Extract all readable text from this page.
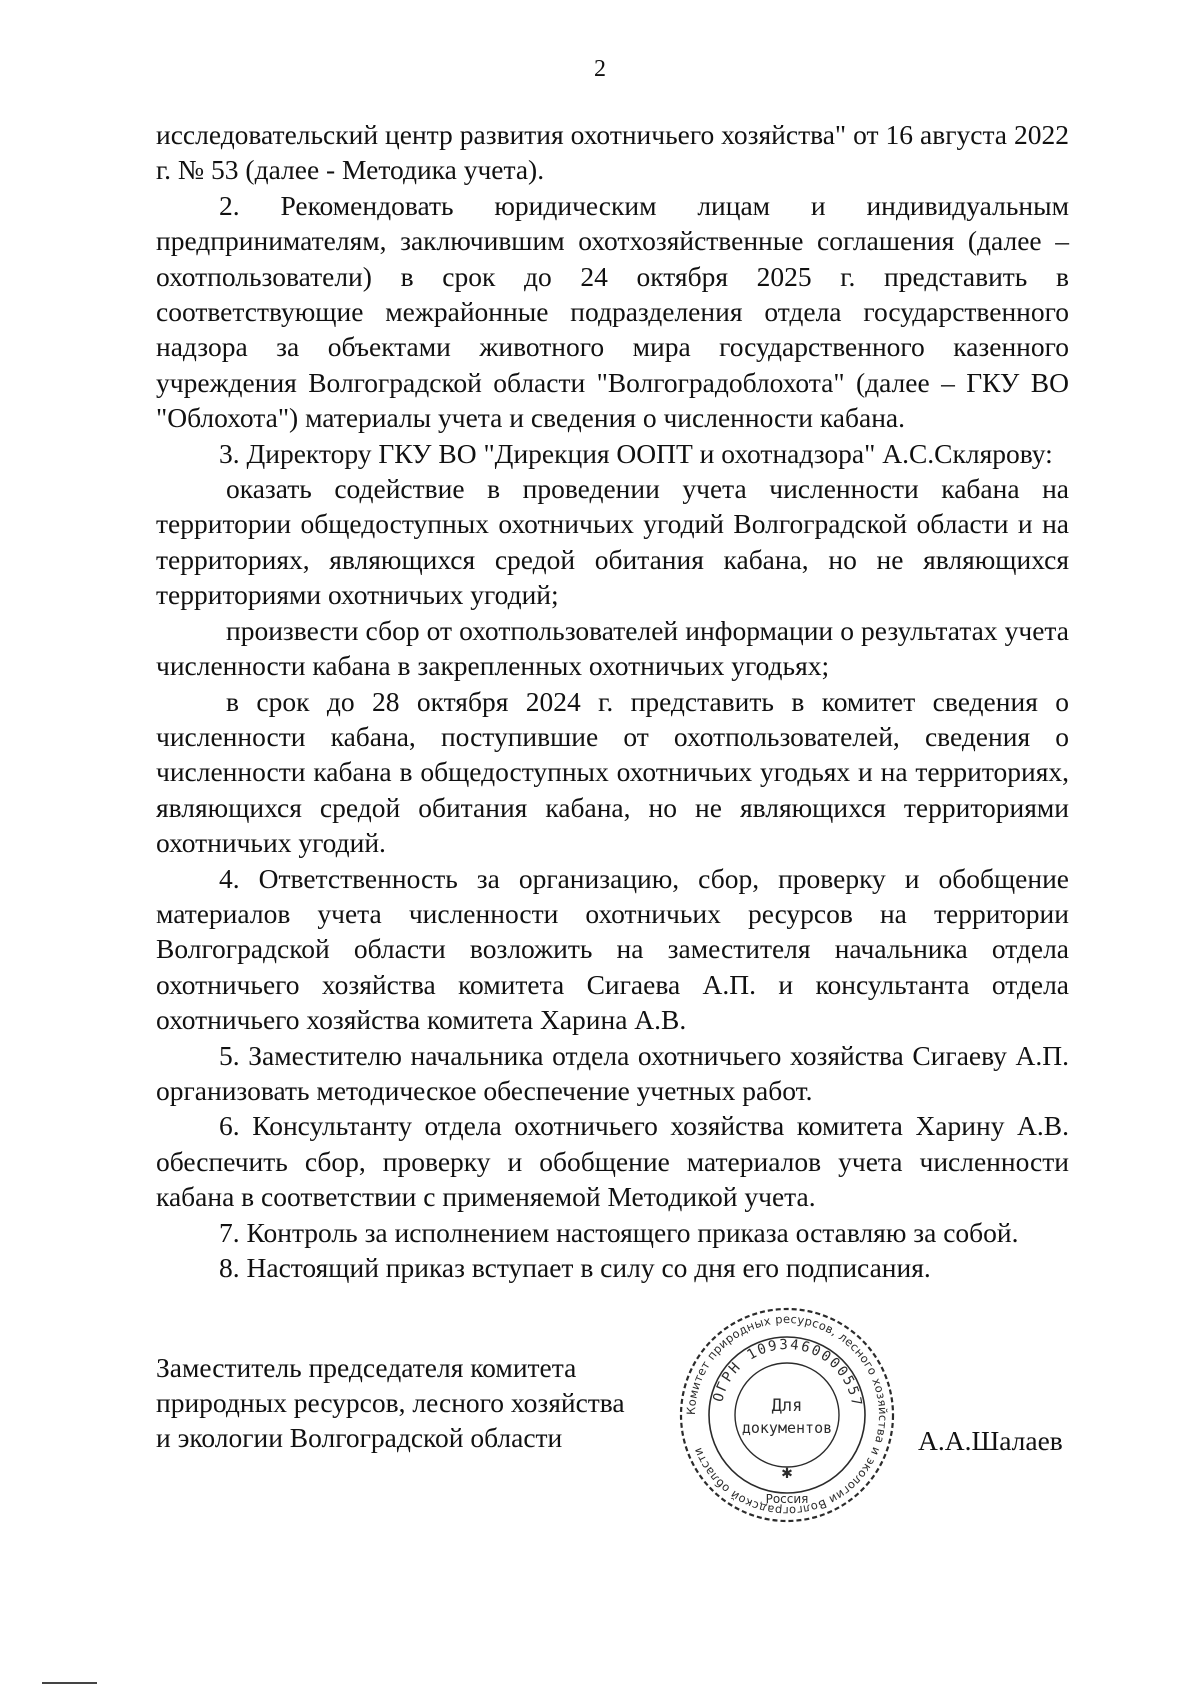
2

исследовательский центр развития охотничьего хозяйства" от 16 августа 2022 г. № 53 (далее - Методика учета).

2. Рекомендовать юридическим лицам и индивидуальным предпринимателям, заключившим охотхозяйственные соглашения (далее – охотпользователи) в срок до 24 октября 2025 г. представить в соответствующие межрайонные подразделения отдела государственного надзора за объектами животного мира государственного казенного учреждения Волгоградской области "Волгоградоблохота" (далее – ГКУ ВО "Облохота") материалы учета и сведения о численности кабана.

3. Директору ГКУ ВО "Дирекция ООПТ и охотнадзора" А.С.Склярову:

оказать содействие в проведении учета численности кабана на территории общедоступных охотничьих угодий Волгоградской области и на территориях, являющихся средой обитания кабана, но не являющихся территориями охотничьих угодий;

произвести сбор от охотпользователей информации о результатах учета численности кабана в закрепленных охотничьих угодьях;

в срок до 28 октября 2024 г. представить в комитет сведения о численности кабана, поступившие от охотпользователей, сведения о численности кабана в общедоступных охотничьих угодьях и на территориях, являющихся средой обитания кабана, но не являющихся территориями охотничьих угодий.

4. Ответственность за организацию, сбор, проверку и обобщение материалов учета численности охотничьих ресурсов на территории Волгоградской области возложить на заместителя начальника отдела охотничьего хозяйства комитета Сигаева А.П. и консультанта отдела охотничьего хозяйства комитета Харина А.В.

5. Заместителю начальника отдела охотничьего хозяйства Сигаеву А.П. организовать методическое обеспечение учетных работ.

6. Консультанту отдела охотничьего хозяйства комитета Харину А.В. обеспечить сбор, проверку и обобщение материалов учета численности кабана в соответствии с применяемой Методикой учета.

7. Контроль за исполнением настоящего приказа оставляю за собой.

8. Настоящий приказ вступает в силу со дня его подписания.

Заместитель председателя комитета
природных ресурсов, лесного хозяйства
и экологии Волгоградской области
Комитет природных ресурсов, лесного хозяйства и экологии Волгоградской области
ОГРН 1093460000557
Для
документов
✱
Россия
А.А.Шалаев
